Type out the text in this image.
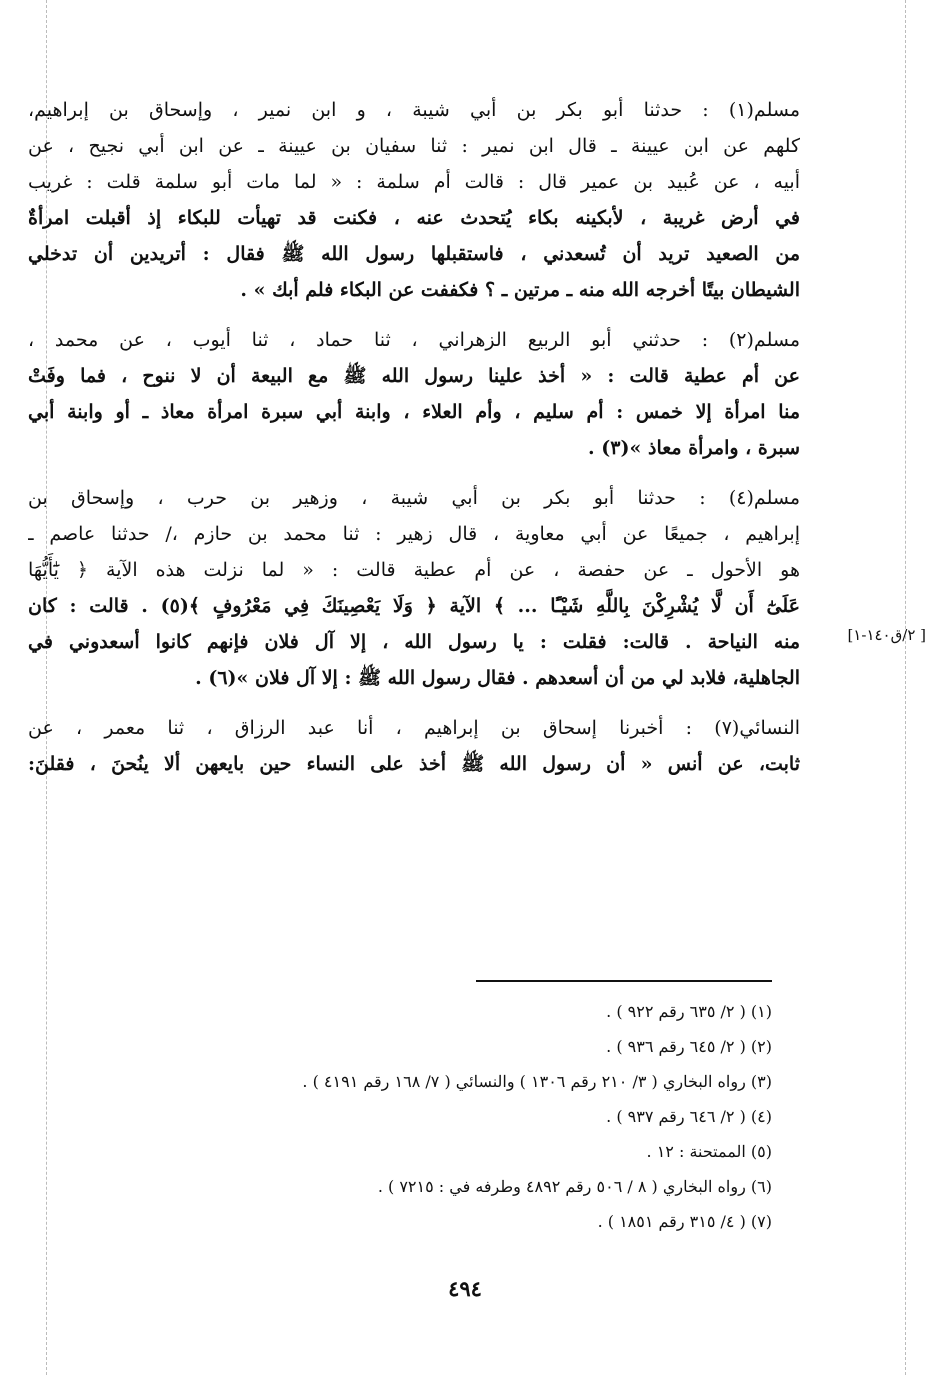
مسلم(١) : حدثنا أبو بكر بن أبي شيبة ، و ابن نمير ، وإسحاق بن إبراهيم،
كلهم عن ابن عيينة ـ قال ابن نمير : ثنا سفيان بن عيينة ـ عن ابن أبي نجيح ، عن
أبيه ، عن عُبيد بن عمير قال : قالت أم سلمة : « لما مات أبو سلمة قلت : غريب
في أرض غريبة ، لأبكينه بكاء يُتحدث عنه ، فكنت قد تهيأت للبكاء إذ أقبلت امرأةٌ
من الصعيد تريد أن تُسعدني ، فاستقبلها رسول الله ﷺ فقال : أتريدين أن تدخلي
الشيطان بيتًا أخرجه الله منه ـ مرتين ـ ؟ فكففت عن البكاء فلم أبك » .
مسلم(٢) : حدثني أبو الربيع الزهراني ، ثنا حماد ، ثنا أيوب ، عن محمد ،
عن أم عطية قالت : « أخذ علينا رسول الله ﷺ مع البيعة أن لا ننوح ، فما وفَتْ
منا امرأة إلا خمس : أم سليم ، وأم العلاء ، وابنة أبي سبرة امرأة معاذ ـ أو وابنة أبي
سبرة ، وامرأة معاذ »(٣) .
مسلم(٤) : حدثنا أبو بكر بن أبي شيبة ، وزهير بن حرب ، وإسحاق بن
إبراهيم ، جميعًا عن أبي معاوية ، قال زهير : ثنا محمد بن حازم ،/ حدثنا عاصم ـ
هو الأحول ـ عن حفصة ، عن أم عطية قالت : « لما نزلت هذه الآية ﴿ يَٰٓأَيُّهَا
عَلَىٰٓ أَن لَّا يُشْرِكْنَ بِاللَّهِ شَيْـًٔا ... ﴾ الآية ﴿ وَلَا يَعْصِينَكَ فِي مَعْرُوفٍ ﴾(٥) . قالت : كان
منه النياحة . قالت: فقلت : يا رسول الله ، إلا آل فلان فإنهم كانوا أسعدوني في
الجاهلية، فلابد لي من أن أسعدهم . فقال رسول الله ﷺ : إلا آل فلان »(٦) .
النسائي(٧) : أخبرنا إسحاق بن إبراهيم ، أنا عبد الرزاق ، ثنا معمر ، عن
ثابت، عن أنس « أن رسول الله ﷺ أخذ على النساء حين بايعهن ألا ينُحنَ ، فقلنَ:
[ ٢/ق١٤٠-١]
(١) ( ٢/ ٦٣٥ رقم ٩٢٢ ) .
(٢) ( ٢/ ٦٤٥ رقم ٩٣٦ ) .
(٣) رواه البخاري ( ٣/ ٢١٠ رقم ١٣٠٦ ) والنسائي ( ٧/ ١٦٨ رقم ٤١٩١ ) .
(٤) ( ٢/ ٦٤٦ رقم ٩٣٧ ) .
(٥) الممتحنة : ١٢ .
(٦) رواه البخاري ( ٨ / ٥٠٦ رقم ٤٨٩٢ وطرفه في : ٧٢١٥ ) .
(٧) ( ٤/ ٣١٥ رقم ١٨٥١ ) .
٤٩٤
